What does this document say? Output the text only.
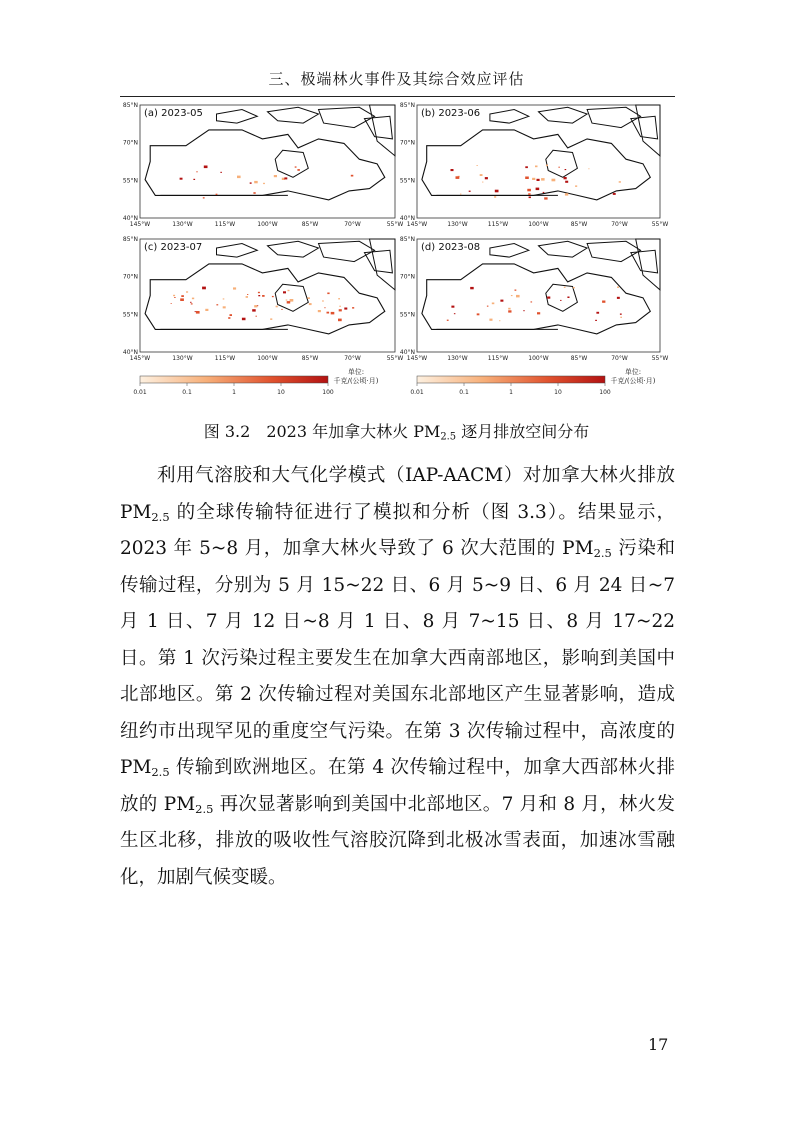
三、极端林火事件及其综合效应评估
(a) 2023-05
85°N
70°N
55°N
40°N
145°W	130°W	115°W	100°W	85°W	70°W	55°W
(b) 2023-06
85°N
70°N
55°N
40°N
145°W	130°W	115°W	100°W	85°W	70°W	55°W
(c) 2023-07
85°N
70°N
55°N
40°N
145°W	130°W	115°W	100°W	85°W	70°W	55°W
(d) 2023-08
85°N
70°N
55°N
40°N
145°W	130°W	115°W	100°W	85°W	70°W	55°W
0.01	0.1	1	10	100
单位:
千克/(公顷·月)
0.01	0.1	1	10	100
单位:
千克/(公顷·月)
图 3.2　2023 年加拿大林火 $PM_{2.5}$ 逐月排放空间分布

利用气溶胶和大气化学模式（IAP-AACM）对加拿大林火排放 $PM_{2.5}$ 的全球传输特征进行了模拟和分析（图 3.3）。结果显示，2023 年 5~8 月，加拿大林火导致了 6 次大范围的 $PM_{2.5}$ 污染和传输过程，分别为 5 月 15~22 日、6 月 5~9 日、6 月 24 日~7 月 1 日、7 月 12 日~8 月 1 日、8 月 7~15 日、8 月 17~22 日。第 1 次污染过程主要发生在加拿大西南部地区，影响到美国中北部地区。第 2 次传输过程对美国东北部地区产生显著影响，造成纽约市出现罕见的重度空气污染。在第 3 次传输过程中，高浓度的 $PM_{2.5}$ 传输到欧洲地区。在第 4 次传输过程中，加拿大西部林火排放的 $PM_{2.5}$ 再次显著影响到美国中北部地区。7 月和 8 月，林火发生区北移，排放的吸收性气溶胶沉降到北极冰雪表面，加速冰雪融化，加剧气候变暖。

17
